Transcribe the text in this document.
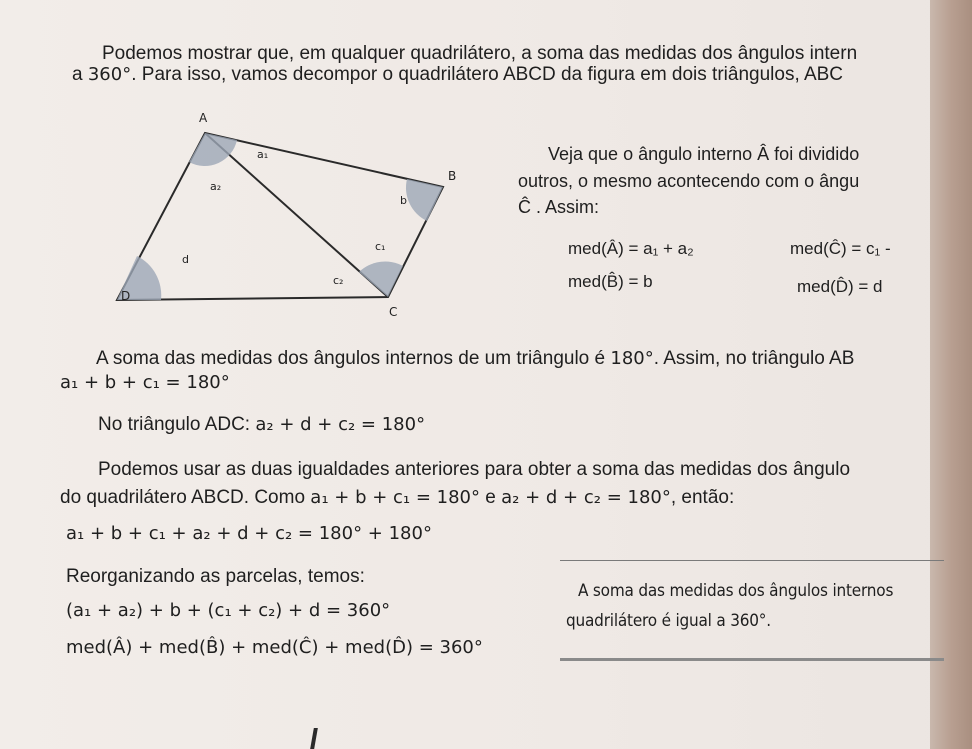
Podemos mostrar que, em qualquer quadrilátero, a soma das medidas dos ângulos intern
a 360°. Para isso, vamos decompor o quadrilátero ABCD da figura em dois triângulos, ABC
A
B
C
D
a₁
a₂
b
c₁
c₂
d
Veja que o ângulo interno Â foi dividido
outros, o mesmo acontecendo com o ângu
Ĉ . Assim:
med(Â) = a₁ + a₂	med(Ĉ) = c₁ -
med(B̂) = b	med(D̂) = d
A soma das medidas dos ângulos internos de um triângulo é 180°. Assim, no triângulo AB
a₁ + b + c₁ = 180°
No triângulo ADC: a₂ + d + c₂ = 180°
Podemos usar as duas igualdades anteriores para obter a soma das medidas dos ângulo
do quadrilátero ABCD. Como a₁ + b + c₁ = 180° e a₂ + d + c₂ = 180°, então:
a₁ + b + c₁ + a₂ + d + c₂ = 180° + 180°
Reorganizando as parcelas, temos:
(a₁ + a₂) + b + (c₁ + c₂) + d = 360°
med(Â) + med(B̂) + med(Ĉ) + med(D̂) = 360°
A soma das medidas dos ângulos internos
quadrilátero é igual a 360°.
